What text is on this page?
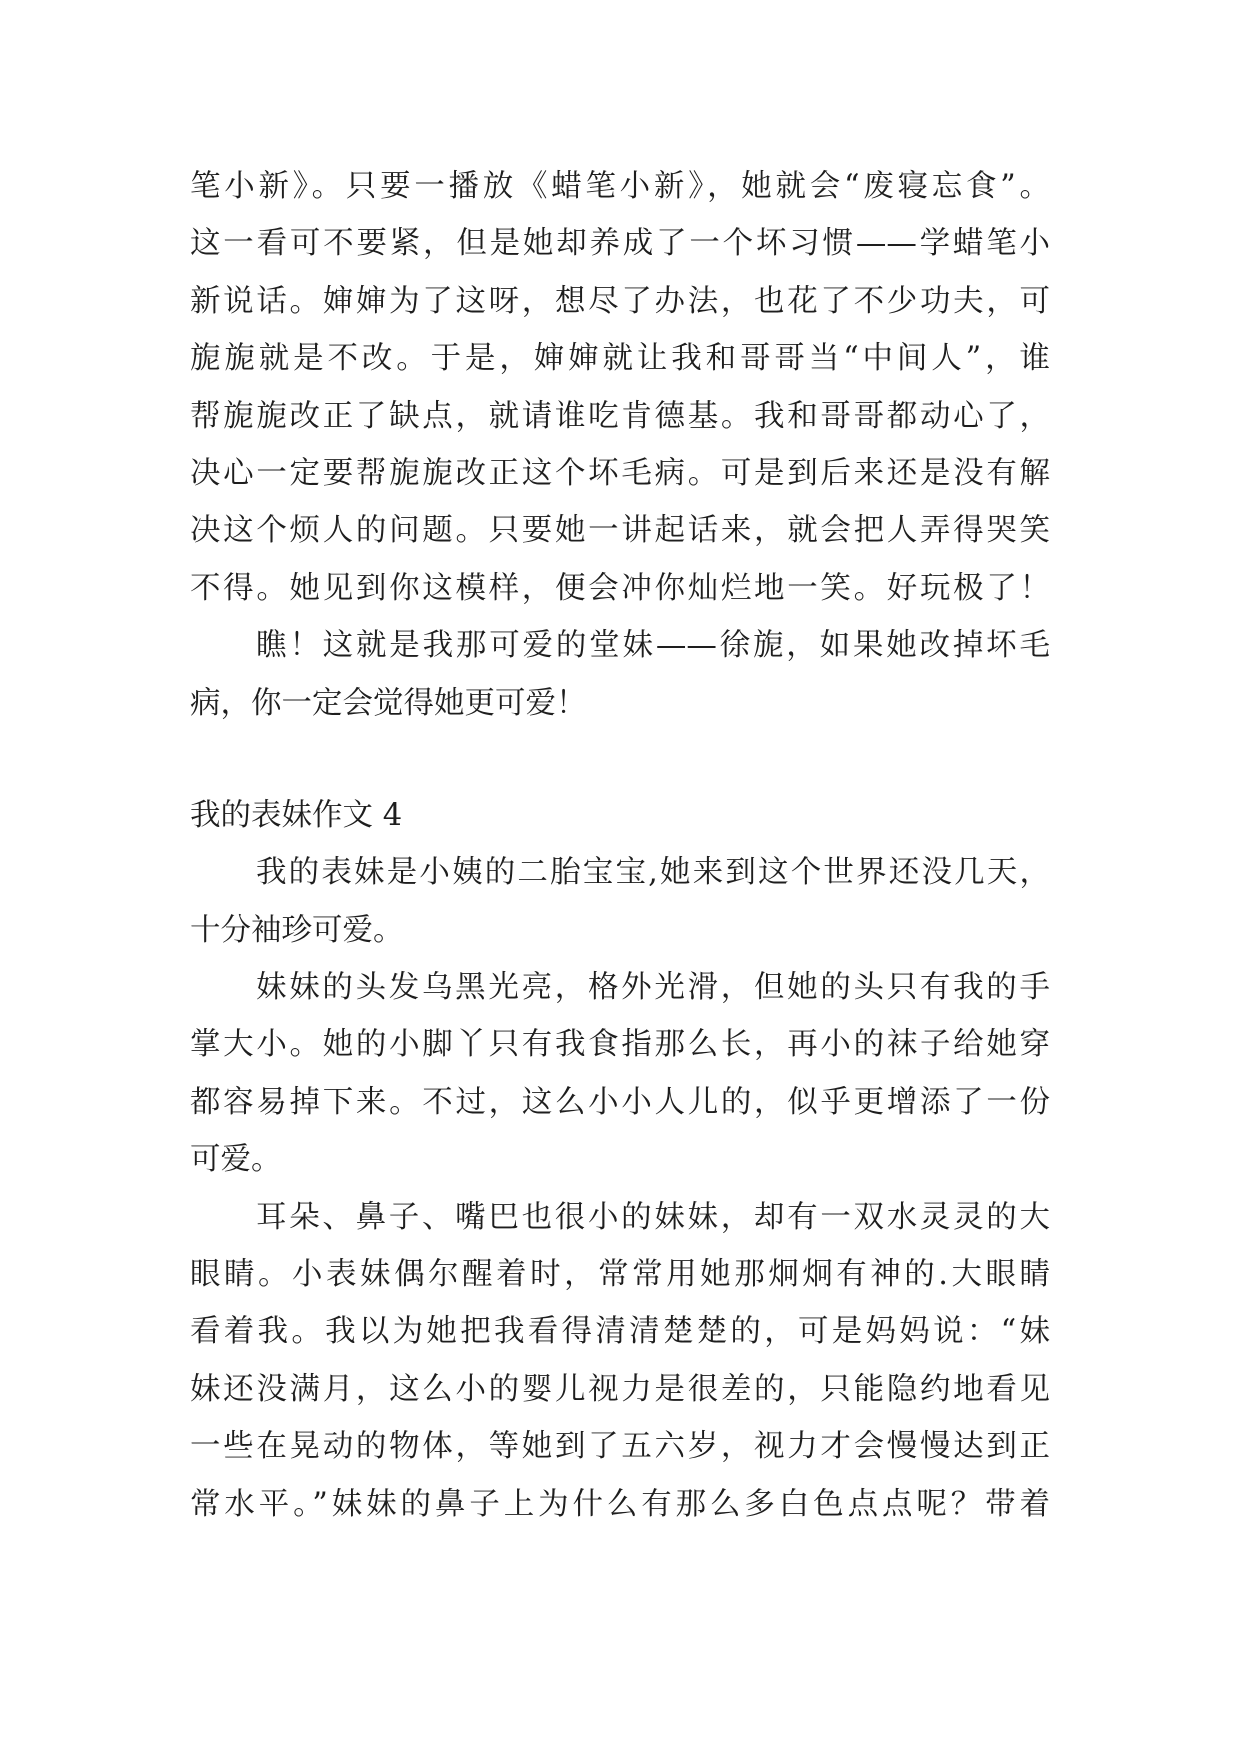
笔小新》。只要一播放《蜡笔小新》，她就会“废寝忘食”。
这一看可不要紧，但是她却养成了一个坏习惯——学蜡笔小
新说话。婶婶为了这呀，想尽了办法，也花了不少功夫，可
旎旎就是不改。于是，婶婶就让我和哥哥当“中间人”，谁
帮旎旎改正了缺点，就请谁吃肯德基。我和哥哥都动心了，
决心一定要帮旎旎改正这个坏毛病。可是到后来还是没有解
决这个烦人的问题。只要她一讲起话来，就会把人弄得哭笑
不得。她见到你这模样，便会冲你灿烂地一笑。好玩极了！
瞧！这就是我那可爱的堂妹——徐旎，如果她改掉坏毛
病，你一定会觉得她更可爱！
我的表妹作文 4
我的表妹是小姨的二胎宝宝,她来到这个世界还没几天，
十分袖珍可爱。
妹妹的头发乌黑光亮，格外光滑，但她的头只有我的手
掌大小。她的小脚丫只有我食指那么长，再小的袜子给她穿
都容易掉下来。不过，这么小小人儿的，似乎更增添了一份
可爱。
耳朵、鼻子、嘴巴也很小的妹妹，却有一双水灵灵的大
眼睛。小表妹偶尔醒着时，常常用她那炯炯有神的.大眼睛
看着我。我以为她把我看得清清楚楚的，可是妈妈说：“妹
妹还没满月，这么小的婴儿视力是很差的，只能隐约地看见
一些在晃动的物体，等她到了五六岁，视力才会慢慢达到正
常水平。”妹妹的鼻子上为什么有那么多白色点点呢？带着
